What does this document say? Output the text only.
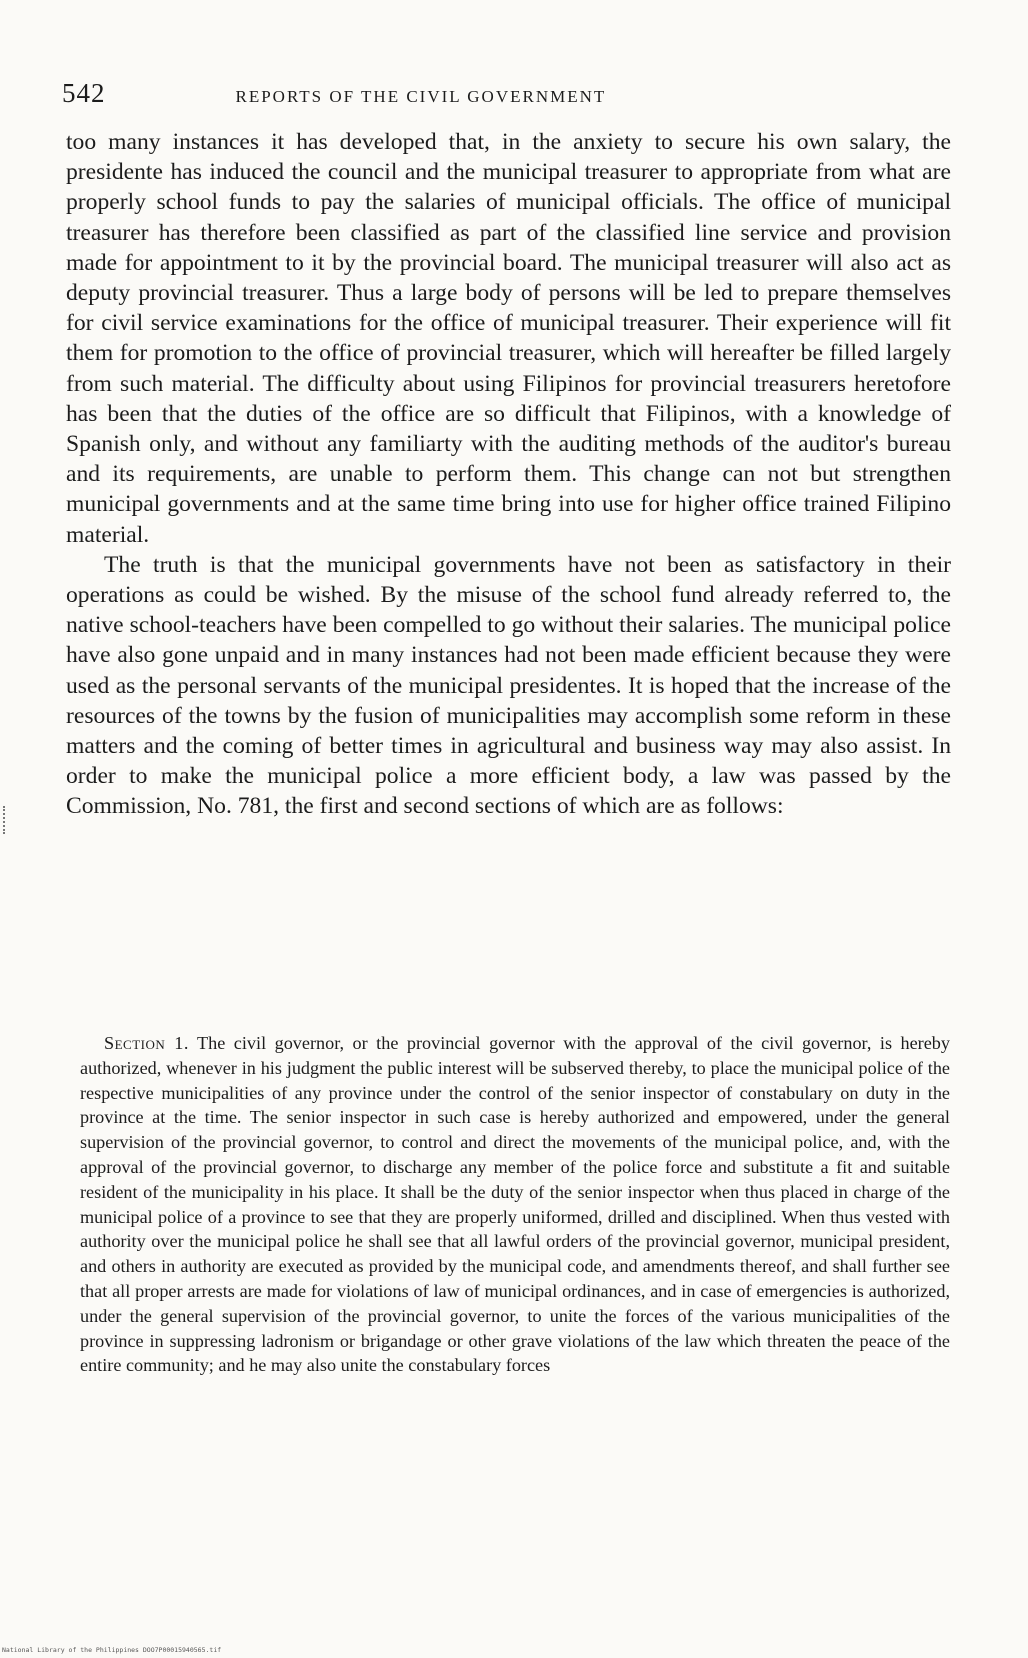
542	REPORTS OF THE CIVIL GOVERNMENT

too many instances it has developed that, in the anxiety to secure his own salary, the presidente has induced the council and the municipal treasurer to appropriate from what are properly school funds to pay the salaries of municipal officials. The office of municipal treasurer has therefore been classified as part of the classified line service and provision made for appointment to it by the provincial board. The municipal treasurer will also act as deputy provincial treasurer. Thus a large body of persons will be led to prepare themselves for civil service examinations for the office of municipal treasurer. Their experience will fit them for promotion to the office of provincial treasurer, which will hereafter be filled largely from such material. The difficulty about using Filipinos for provincial treasurers heretofore has been that the duties of the office are so difficult that Filipinos, with a knowledge of Spanish only, and without any familiarty with the auditing methods of the auditor's bureau and its requirements, are unable to perform them. This change can not but strengthen municipal governments and at the same time bring into use for higher office trained Filipino material.

The truth is that the municipal governments have not been as satisfactory in their operations as could be wished. By the misuse of the school fund already referred to, the native school-teachers have been compelled to go without their salaries. The municipal police have also gone unpaid and in many instances had not been made efficient because they were used as the personal servants of the municipal presidentes. It is hoped that the increase of the resources of the towns by the fusion of municipalities may accomplish some reform in these matters and the coming of better times in agricultural and business way may also assist. In order to make the municipal police a more efficient body, a law was passed by the Commission, No. 781, the first and second sections of which are as follows:

Section 1. The civil governor, or the provincial governor with the approval of the civil governor, is hereby authorized, whenever in his judgment the public interest will be subserved thereby, to place the municipal police of the respective municipalities of any province under the control of the senior inspector of constabulary on duty in the province at the time. The senior inspector in such case is hereby authorized and empowered, under the general supervision of the provincial governor, to control and direct the movements of the municipal police, and, with the approval of the provincial governor, to discharge any member of the police force and substitute a fit and suitable resident of the municipality in his place. It shall be the duty of the senior inspector when thus placed in charge of the municipal police of a province to see that they are properly uniformed, drilled and disciplined. When thus vested with authority over the municipal police he shall see that all lawful orders of the provincial governor, municipal president, and others in authority are executed as provided by the municipal code, and amendments thereof, and shall further see that all proper arrests are made for violations of law of municipal ordinances, and in case of emergencies is authorized, under the general supervision of the provincial governor, to unite the forces of the various municipalities of the province in suppressing ladronism or brigandage or other grave violations of the law which threaten the peace of the entire community; and he may also unite the constabulary forces
National Library of the Philippines DOO7P00015940565.tif
